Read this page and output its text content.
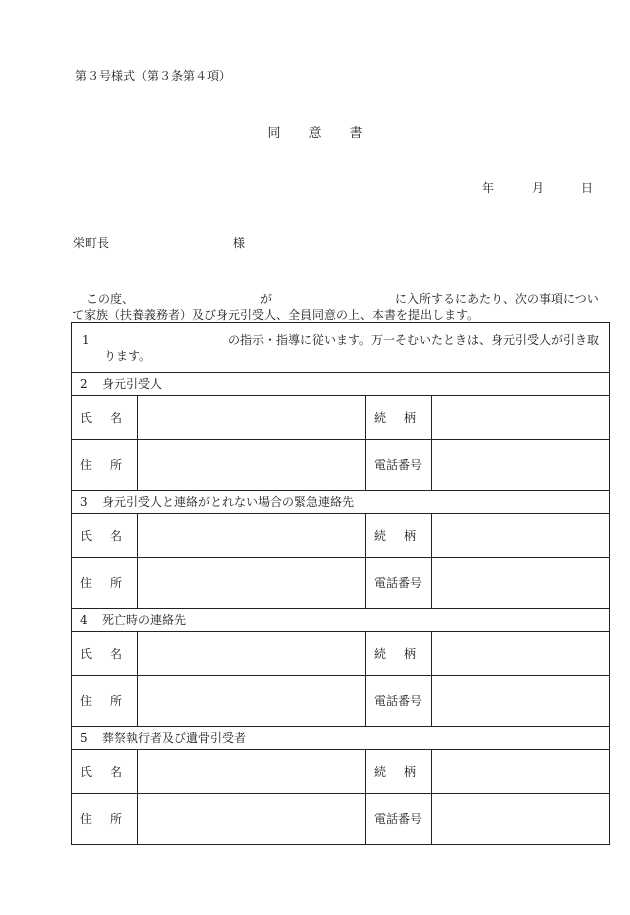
第３号様式（第３条第４項）
同 意 書
年	月	日
栄町長	様
この度、	が	に入所するにあたり、次の事項につい
て家族（扶養義務者）及び身元引受人、全員同意の上、本書を提出します。
1 の指示・指導に従います。万一そむいたときは、身元引受人が引き取
ります。			

2 身元引受人			

氏 名		続 柄	

住 所		電話番号	
3 身元引受人と連絡がとれない場合の緊急連絡先			

氏 名		続 柄	

住 所		電話番号	
4 死亡時の連絡先			

氏 名		続 柄	

住 所		電話番号	
5 葬祭執行者及び遺骨引受者			

氏 名		続 柄	

住 所		電話番号	
